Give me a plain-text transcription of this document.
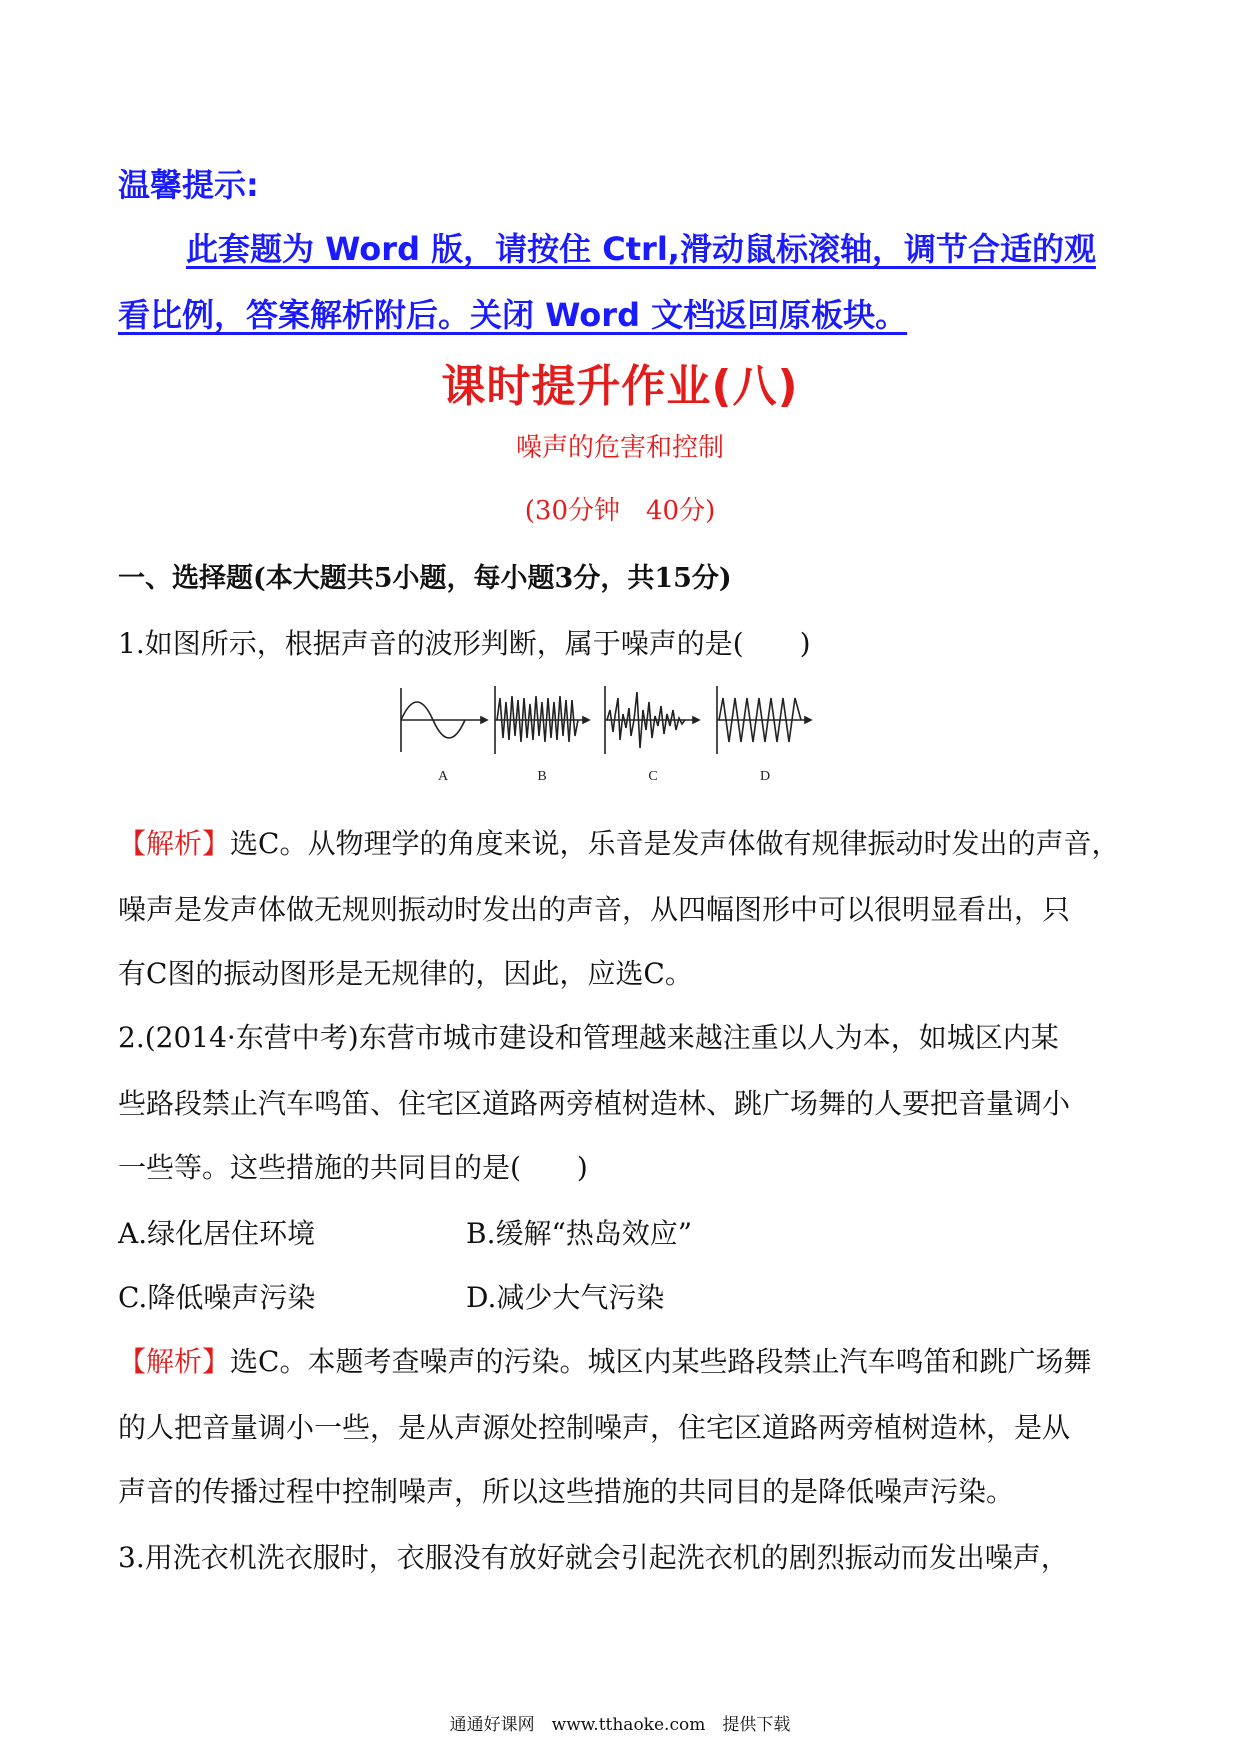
温馨提示:
此套题为 Word 版，请按住 Ctrl,滑动鼠标滚轴，调节合适的观
看比例，答案解析附后。关闭 Word 文档返回原板块。
课时提升作业(八)
噪声的危害和控制
(30分钟　40分)
一、选择题(本大题共5小题，每小题3分，共15分)
1.如图所示，根据声音的波形判断，属于噪声的是(　　)
A	B	C	D
【解析】选C。从物理学的角度来说，乐音是发声体做有规律振动时发出的声音，
噪声是发声体做无规则振动时发出的声音，从四幅图形中可以很明显看出，只
有C图的振动图形是无规律的，因此，应选C。
2.(2014·东营中考)东营市城市建设和管理越来越注重以人为本，如城区内某
些路段禁止汽车鸣笛、住宅区道路两旁植树造林、跳广场舞的人要把音量调小
一些等。这些措施的共同目的是(　　)
A.绿化居住环境	B.缓解“热岛效应”
C.降低噪声污染	D.减少大气污染
【解析】选C。本题考查噪声的污染。城区内某些路段禁止汽车鸣笛和跳广场舞
的人把音量调小一些，是从声源处控制噪声，住宅区道路两旁植树造林，是从
声音的传播过程中控制噪声，所以这些措施的共同目的是降低噪声污染。
3.用洗衣机洗衣服时，衣服没有放好就会引起洗衣机的剧烈振动而发出噪声，
通通好课网　www.tthaoke.com　提供下载
